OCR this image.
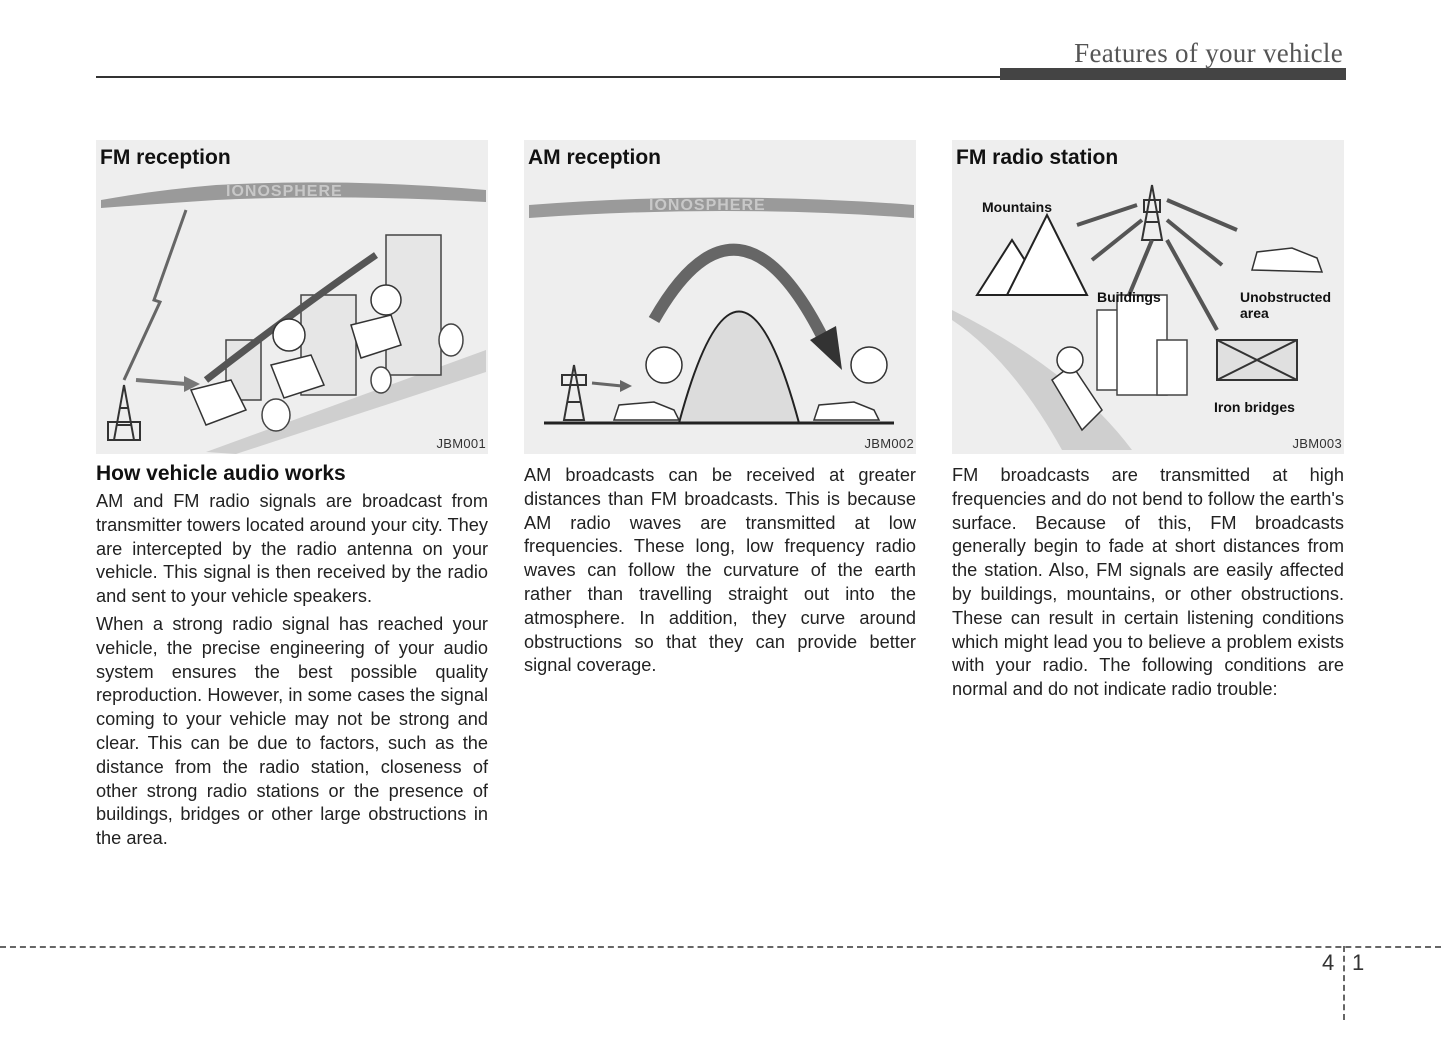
Features of your vehicle
IONOSPHERE
FM reception
JBM001
How vehicle audio works

AM and FM radio signals are broadcast from transmitter towers located around your city. They are intercepted by the radio antenna on your vehicle. This signal is then received by the radio and sent to your vehicle speakers.

When a strong radio signal has reached your vehicle, the precise engineering of your audio system ensures the best possible quality reproduction. However, in some cases the signal coming to your vehicle may not be strong and clear. This can be due to factors, such as the distance from the radio station, closeness of other strong radio stations or the presence of buildings, bridges or other large obstructions in the area.

IONOSPHERE
AM reception
JBM002

AM broadcasts can be received at greater distances than FM broadcasts. This is because AM radio waves are transmitted at low frequencies. These long, low frequency radio waves can follow the curvature of the earth rather than travelling straight out into the atmosphere. In addition, they curve around obstructions so that they can provide better signal coverage.

Mountains
Buildings	Unobstructed
area
Iron bridges
FM radio station
JBM003

FM broadcasts are transmitted at high frequencies and do not bend to follow the earth's surface. Because of this, FM broadcasts generally begin to fade at short distances from the station. Also, FM signals are easily affected by buildings, mountains, or other obstructions. These can result in certain listening conditions which might lead you to believe a problem exists with your radio. The following conditions are normal and do not indicate radio trouble:

4 1
